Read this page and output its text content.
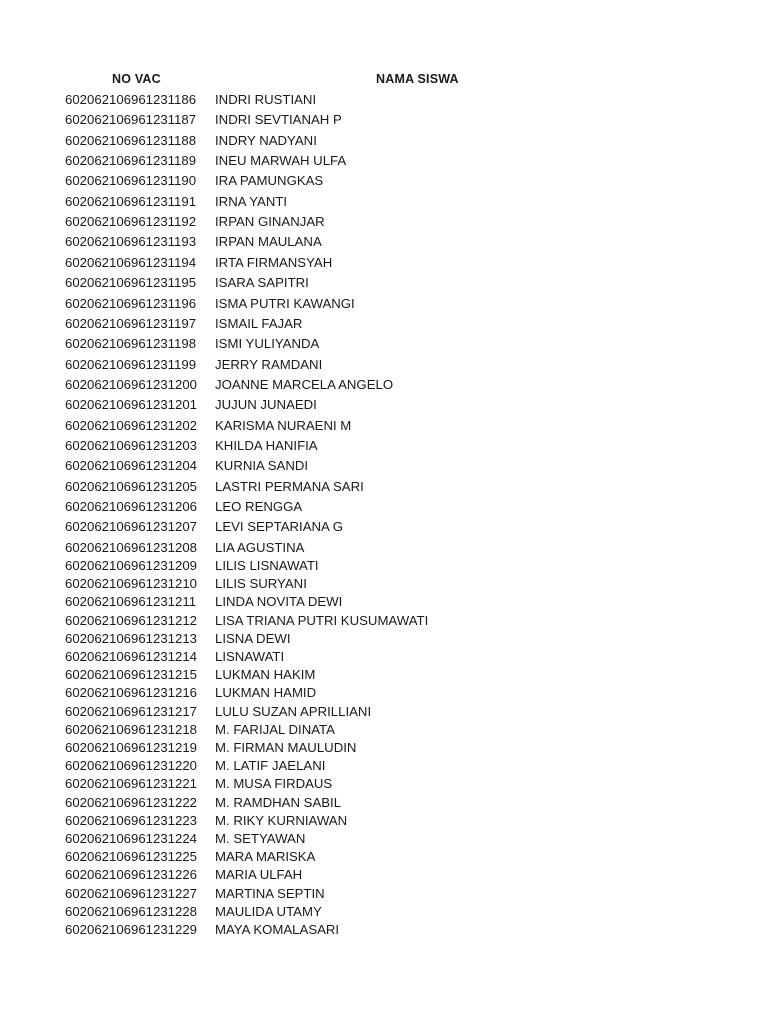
NO VAC	NAMA SISWA
602062106961231186 INDRI RUSTIANI
602062106961231187 INDRI SEVTIANAH P
602062106961231188 INDRY NADYANI
602062106961231189 INEU MARWAH ULFA
602062106961231190 IRA PAMUNGKAS
602062106961231191 IRNA YANTI
602062106961231192 IRPAN GINANJAR
602062106961231193 IRPAN MAULANA
602062106961231194 IRTA FIRMANSYAH
602062106961231195 ISARA SAPITRI
602062106961231196 ISMA PUTRI KAWANGI
602062106961231197 ISMAIL FAJAR
602062106961231198 ISMI YULIYANDA
602062106961231199 JERRY RAMDANI
602062106961231200 JOANNE MARCELA ANGELO
602062106961231201 JUJUN JUNAEDI
602062106961231202 KARISMA NURAENI M
602062106961231203 KHILDA HANIFIA
602062106961231204 KURNIA SANDI
602062106961231205 LASTRI PERMANA SARI
602062106961231206 LEO RENGGA
602062106961231207 LEVI SEPTARIANA G
602062106961231208 LIA AGUSTINA
602062106961231209 LILIS LISNAWATI
602062106961231210 LILIS SURYANI
602062106961231211 LINDA NOVITA DEWI
602062106961231212 LISA TRIANA PUTRI KUSUMAWATI
602062106961231213 LISNA DEWI
602062106961231214 LISNAWATI
602062106961231215 LUKMAN HAKIM
602062106961231216 LUKMAN HAMID
602062106961231217 LULU SUZAN APRILLIANI
602062106961231218 M. FARIJAL DINATA
602062106961231219 M. FIRMAN MAULUDIN
602062106961231220 M. LATIF JAELANI
602062106961231221 M. MUSA FIRDAUS
602062106961231222 M. RAMDHAN SABIL
602062106961231223 M. RIKY KURNIAWAN
602062106961231224 M. SETYAWAN
602062106961231225 MARA MARISKA
602062106961231226 MARIA ULFAH
602062106961231227 MARTINA SEPTIN
602062106961231228 MAULIDA UTAMY
602062106961231229 MAYA KOMALASARI
